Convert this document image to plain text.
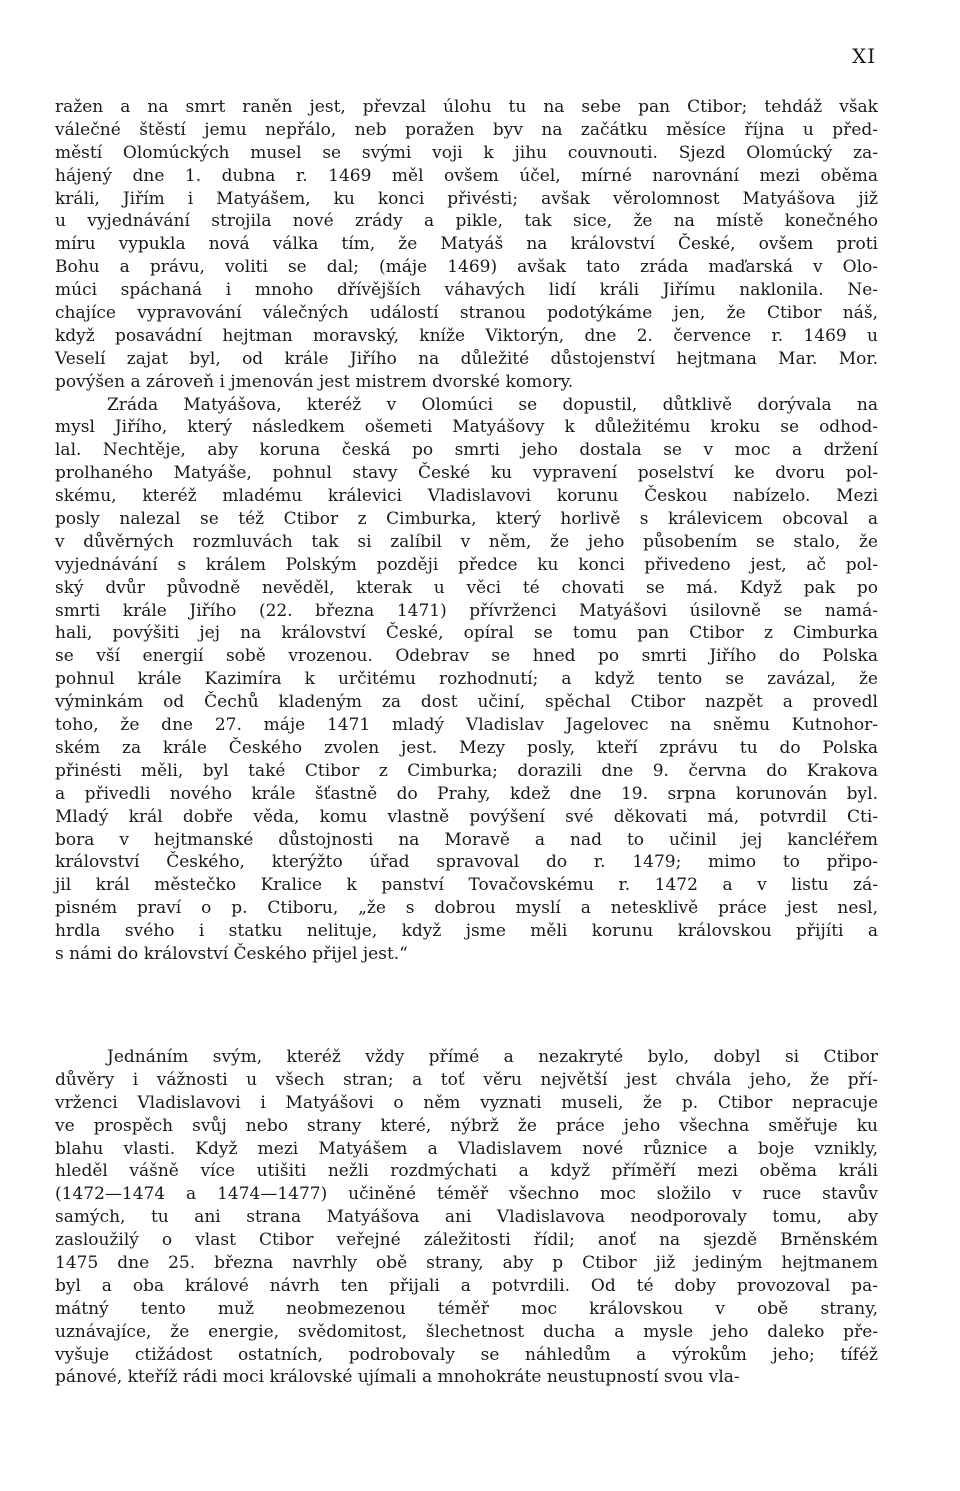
XI
ražen a na smrt raněn jest, převzal úlohu tu na sebe pan Ctibor; tehdáž však
válečné štěstí jemu nepřálo, neb poražen byv na začátku měsíce října u před-
městí Olomúckých musel se svými voji k jihu couvnouti. Sjezd Olomúcký za-
hájený dne 1. dubna r. 1469 měl ovšem účel, mírné narovnání mezi oběma
králi, Jiřím i Matyášem, ku konci přivésti; avšak věrolomnost Matyášova již
u vyjednávání strojila nové zrády a pikle, tak sice, že na místě konečného
míru vypukla nová válka tím, že Matyáš na království České, ovšem proti
Bohu a právu, voliti se dal; (máje 1469) avšak tato zráda maďarská v Olo-
múci spáchaná i mnoho dřívějších váhavých lidí králi Jiřímu naklonila. Ne-
chajíce vypravování válečných událostí stranou podotýkáme jen, že Ctibor náš,
když posavádní hejtman moravský, kníže Viktorýn, dne 2. července r. 1469 u
Veselí zajat byl, od krále Jiřího na důležité důstojenství hejtmana Mar. Mor.
povýšen a zároveň i jmenován jest mistrem dvorské komory.
Zráda Matyášova, kteréž v Olomúci se dopustil, důtklivě dorývala na
mysl Jiřího, který následkem ošemeti Matyášovy k důležitému kroku se odhod-
lal. Nechtěje, aby koruna česká po smrti jeho dostala se v moc a držení
prolhaného Matyáše, pohnul stavy České ku vypravení poselství ke dvoru pol-
skému, kteréž mladému králevici Vladislavovi korunu Českou nabízelo. Mezi
posly nalezal se též Ctibor z Cimburka, který horlivě s králevicem obcoval a
v důvěrných rozmluvách tak si zalíbil v něm, že jeho působením se stalo, že
vyjednávání s králem Polským později předce ku konci přivedeno jest, ač pol-
ský dvůr původně nevěděl, kterak u věci té chovati se má. Když pak po
smrti krále Jiřího (22. března 1471) přívrženci Matyášovi úsilovně se namá-
hali, povýšiti jej na království České, opíral se tomu pan Ctibor z Cimburka
se vší energií sobě vrozenou. Odebrav se hned po smrti Jiřího do Polska
pohnul krále Kazimíra k určitému rozhodnutí; a když tento se zavázal, že
výminkám od Čechů kladeným za dost učiní, spěchal Ctibor nazpět a provedl
toho, že dne 27. máje 1471 mladý Vladislav Jagelovec na sněmu Kutnohor-
ském za krále Českého zvolen jest. Mezy posly, kteří zprávu tu do Polska
přinésti měli, byl také Ctibor z Cimburka; dorazili dne 9. června do Krakova
a přivedli nového krále šťastně do Prahy, kdež dne 19. srpna korunován byl.
Mladý král dobře věda, komu vlastně povýšení své děkovati má, potvrdil Cti-
bora v hejtmanské důstojnosti na Moravě a nad to učinil jej kancléřem
království Českého, kterýžto úřad spravoval do r. 1479; mimo to připo-
jil král městečko Kralice k panství Tovačovskému r. 1472 a v listu zá-
pisném praví o p. Ctiboru, „že s dobrou myslí a netesklivě práce jest nesl,
hrdla svého i statku nelituje, když jsme měli korunu královskou přijíti a
s námi do království Českého přijel jest.“
Jednáním svým, kteréž vždy přímé a nezakryté bylo, dobyl si Ctibor
důvěry i vážnosti u všech stran; a toť věru největší jest chvála jeho, že pří-
vrženci Vladislavovi i Matyášovi o něm vyznati museli, že p. Ctibor nepracuje
ve prospěch svůj nebo strany které, nýbrž že práce jeho všechna směřuje ku
blahu vlasti. Když mezi Matyášem a Vladislavem nové různice a boje vznikly,
hleděl vášně více utišiti nežli rozdmýchati a když příměří mezi oběma králi
(1472—1474 a 1474—1477) učiněné téměř všechno moc složilo v ruce stavův
samých, tu ani strana Matyášova ani Vladislavova neodporovaly tomu, aby
zasloužilý o vlast Ctibor veřejné záležitosti řídil; anoť na sjezdě Brněnském
1475 dne 25. března navrhly obě strany, aby p Ctibor již jediným hejtmanem
byl a oba králové návrh ten přijali a potvrdili. Od té doby provozoval pa-
mátný tento muž neobmezenou téměř moc královskou v obě strany,
uznávajíce, že energie, svědomitost, šlechetnost ducha a mysle jeho daleko pře-
vyšuje ctižádost ostatních, podrobovaly se náhledům a výrokům jeho; tíféž
pánové, kteříž rádi moci královské ujímali a mnohokráte neustupností svou vla-
